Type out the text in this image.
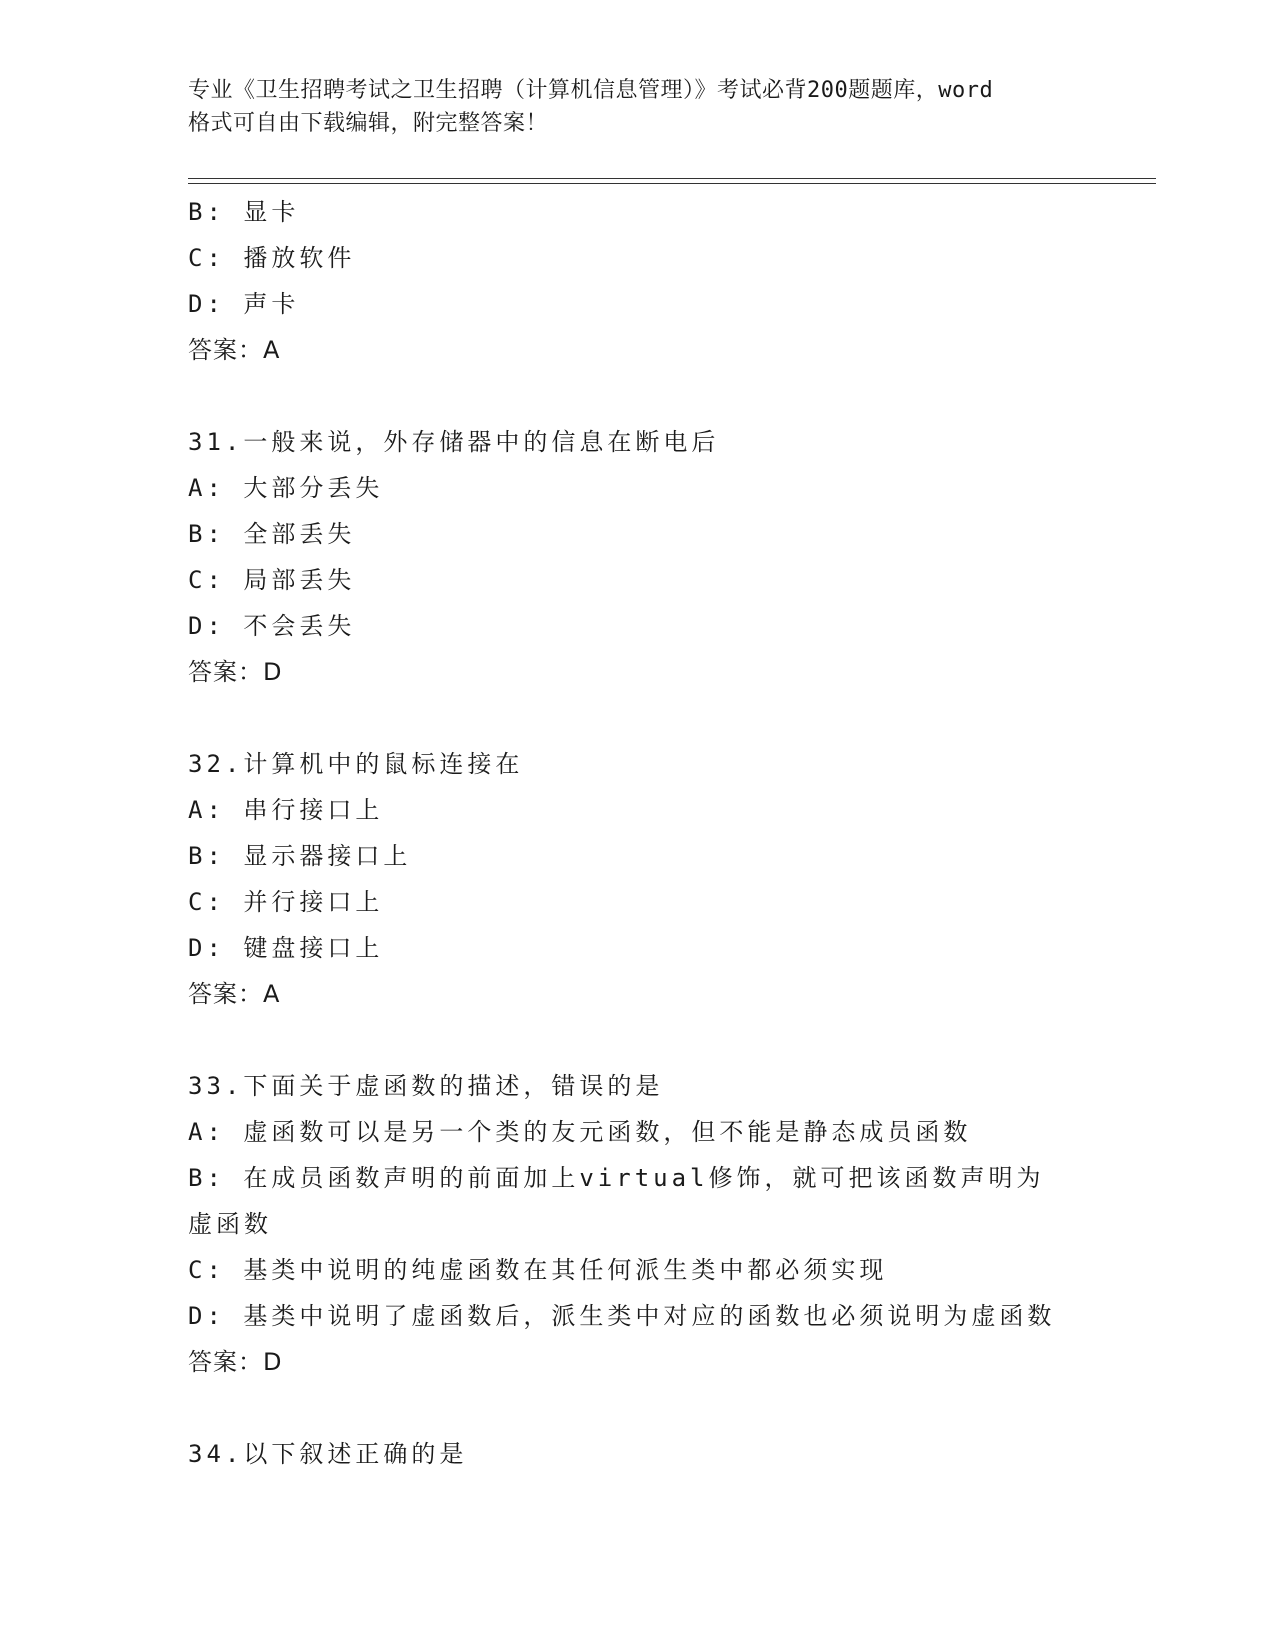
专业《卫生招聘考试之卫生招聘（计算机信息管理）》考试必背200题题库，word
格式可自由下载编辑，附完整答案！
B: 显卡
C: 播放软件
D: 声卡
答案：A
31.一般来说，外存储器中的信息在断电后
A: 大部分丢失
B: 全部丢失
C: 局部丢失
D: 不会丢失
答案：D
32.计算机中的鼠标连接在
A: 串行接口上
B: 显示器接口上
C: 并行接口上
D: 键盘接口上
答案：A
33.下面关于虚函数的描述，错误的是
A: 虚函数可以是另一个类的友元函数，但不能是静态成员函数
B: 在成员函数声明的前面加上virtual修饰，就可把该函数声明为虚函数
C: 基类中说明的纯虚函数在其任何派生类中都必须实现
D: 基类中说明了虚函数后，派生类中对应的函数也必须说明为虚函数
答案：D
34.以下叙述正确的是
